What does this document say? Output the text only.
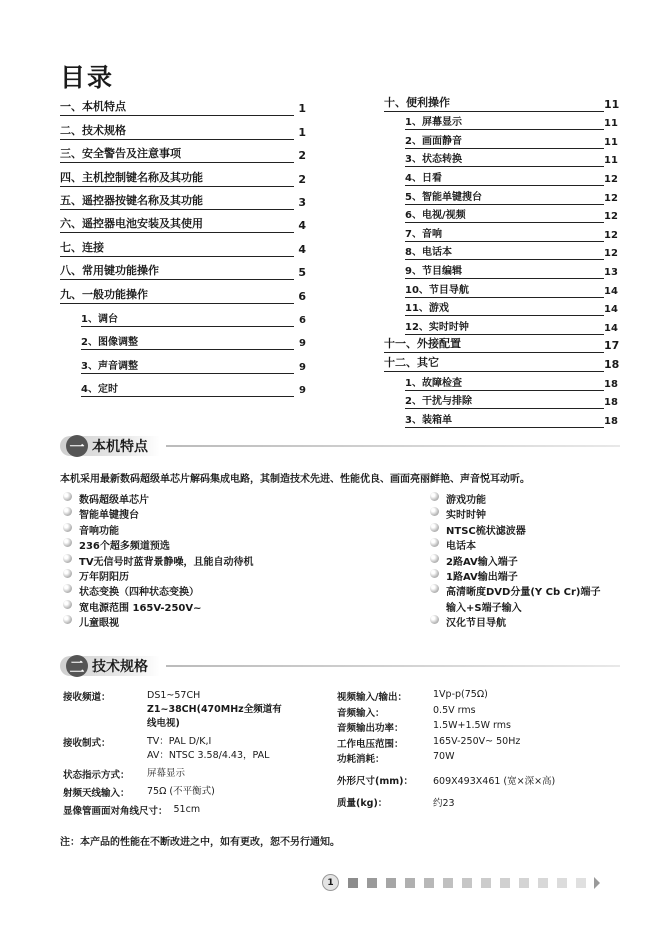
目录
一、本机特点	1
二、技术规格	1
三、安全警告及注意事项	2
四、主机控制键名称及其功能	2
五、遥控器按键名称及其功能	3
六、遥控器电池安装及其使用	4
七、连接	4
八、常用键功能操作	5
九、一般功能操作	6
1、调台	6
2、图像调整	9
3、声音调整	9
4、定时	9
十、便利操作	11
1、屏幕显示	11
2、画面静音	11
3、状态转换	11
4、日看	12
5、智能单键搜台	12
6、电视/视频	12
7、音响	12
8、电话本	12
9、节目编辑	13
10、节目导航	14
11、游戏	14
12、实时时钟	14
十一、外接配置	17
十二、其它	18
1、故障检查	18
2、干扰与排除	18
3、装箱单	18
一 本机特点
本机采用最新数码超级单芯片解码集成电路，其制造技术先进、性能优良、画面亮丽鲜艳、声音悦耳动听。
数码超级单芯片
智能单键搜台
音响功能
236个超多频道预选
TV无信号时蓝背景静噪，且能自动待机
万年阴阳历
状态变换（四种状态变换）
宽电源范围 165V-250V~
儿童眼视
游戏功能
实时时钟
NTSC梳状滤波器
电话本
2路AV输入端子
1路AV输出端子
高清晰度DVD分量(Y Cb Cr)端子
输入+S端子输入
汉化节目导航
二 技术规格
接收频道：	DS1~57CH
Z1~38CH(470MHz全频道有
线电视)
接收制式：	TV：PAL D/K,I
AV：NTSC 3.58/4.43，PAL
状态指示方式：	屏幕显示
射频天线输入：	75Ω (不平衡式)
显像管画面对角线尺寸： 51cm
视频输入/输出：	1Vp-p(75Ω)
音频输入：	0.5V rms
音频输出功率：	1.5W+1.5W rms
工作电压范围：	165V-250V~ 50Hz
功耗消耗：	70W
外形尺寸(mm)：	609X493X461 (宽×深×高)
质量(kg)：	约23
注：本产品的性能在不断改进之中，如有更改，恕不另行通知。
1
